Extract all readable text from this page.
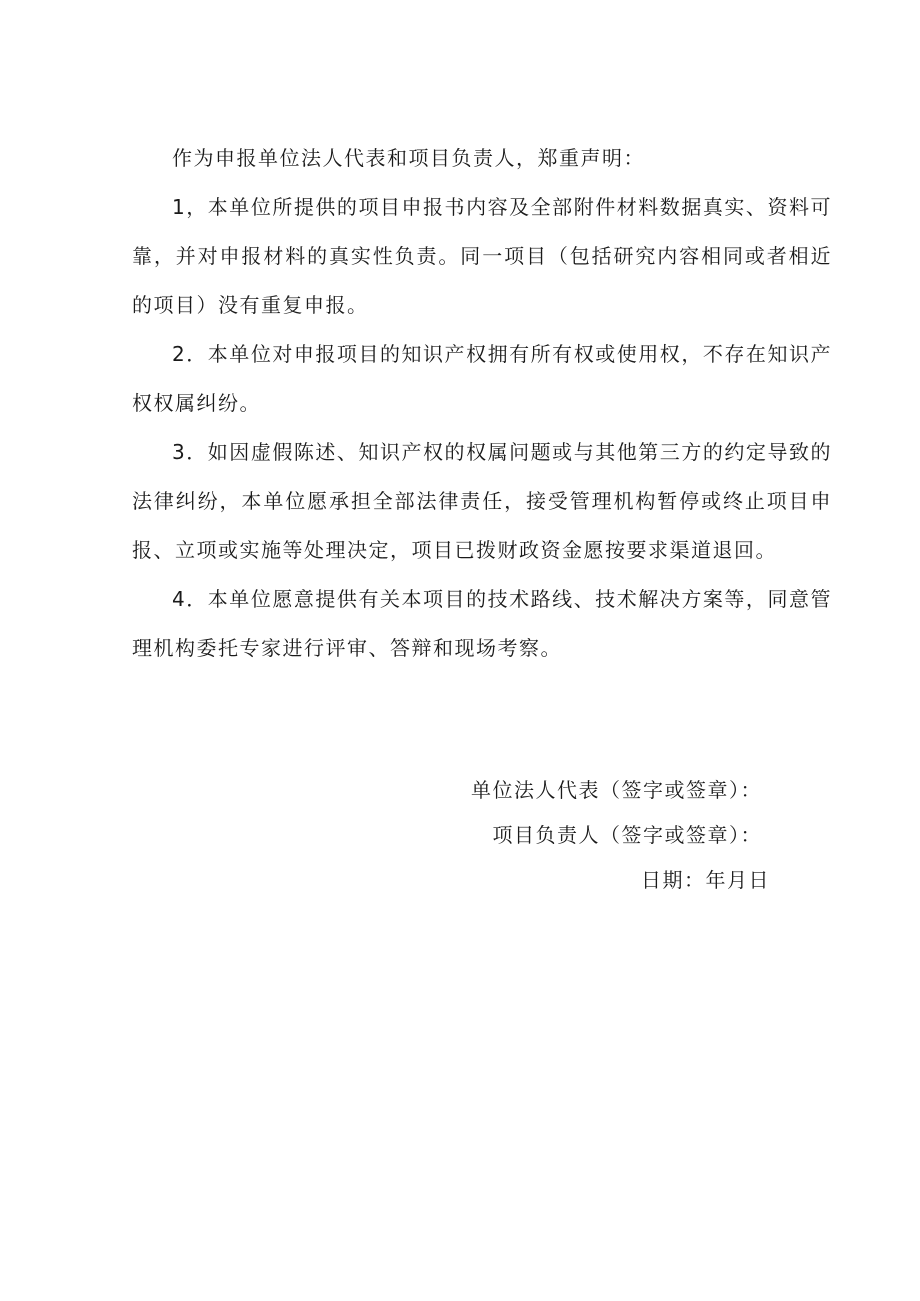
作为申报单位法人代表和项目负责人，郑重声明：

1，本单位所提供的项目申报书内容及全部附件材料数据真实、资料可靠，并对申报材料的真实性负责。同一项目（包括研究内容相同或者相近的项目）没有重复申报。

2．本单位对申报项目的知识产权拥有所有权或使用权，不存在知识产权权属纠纷。

3．如因虚假陈述、知识产权的权属问题或与其他第三方的约定导致的法律纠纷，本单位愿承担全部法律责任，接受管理机构暂停或终止项目申报、立项或实施等处理决定，项目已拨财政资金愿按要求渠道退回。

4．本单位愿意提供有关本项目的技术路线、技术解决方案等，同意管理机构委托专家进行评审、答辩和现场考察。

单位法人代表（签字或签章）：
项目负责人（签字或签章）：
日期：年月日
